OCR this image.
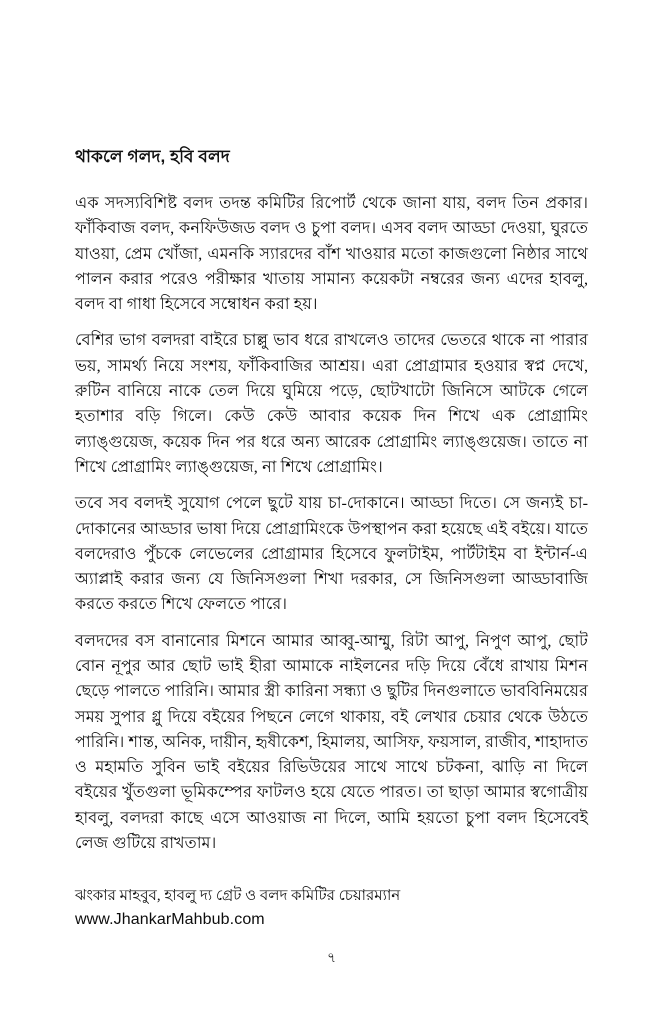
থাকলে গলদ, হবি বলদ

এক সদস্যবিশিষ্ট বলদ তদন্ত কমিটির রিপোর্ট থেকে জানা যায়, বলদ তিন প্রকার। ফাঁকিবাজ বলদ, কনফিউজড বলদ ও চুপা বলদ। এসব বলদ আড্ডা দেওয়া, ঘুরতে যাওয়া, প্রেম খোঁজা, এমনকি স্যারদের বাঁশ খাওয়ার মতো কাজগুলো নিষ্ঠার সাথে পালন করার পরেও পরীক্ষার খাতায় সামান্য কয়েকটা নম্বরের জন্য এদের হাবলু, বলদ বা গাধা হিসেবে সম্বোধন করা হয়।

বেশির ভাগ বলদরা বাইরে চাল্লু ভাব ধরে রাখলেও তাদের ভেতরে থাকে না পারার ভয়, সামর্থ্য নিয়ে সংশয়, ফাঁকিবাজির আশ্রয়। এরা প্রোগ্রামার হওয়ার স্বপ্ন দেখে, রুটিন বানিয়ে নাকে তেল দিয়ে ঘুমিয়ে পড়ে, ছোটখাটো জিনিসে আটকে গেলে হতাশার বড়ি গিলে। কেউ কেউ আবার কয়েক দিন শিখে এক প্রোগ্রামিং ল্যাঙ্গুয়েজ, কয়েক দিন পর ধরে অন্য আরেক প্রোগ্রামিং ল্যাঙ্গুয়েজ। তাতে না শিখে প্রোগ্রামিং ল্যাঙ্গুয়েজ, না শিখে প্রোগ্রামিং।

তবে সব বলদই সুযোগ পেলে ছুটে যায় চা-দোকানে। আড্ডা দিতে। সে জন্যই চা-দোকানের আড্ডার ভাষা দিয়ে প্রোগ্রামিংকে উপস্থাপন করা হয়েছে এই বইয়ে। যাতে বলদেরাও পুঁচকে লেভেলের প্রোগ্রামার হিসেবে ফুলটাইম, পার্টটাইম বা ইন্টার্ন-এ অ্যাপ্লাই করার জন্য যে জিনিসগুলা শিখা দরকার, সে জিনিসগুলা আড্ডাবাজি করতে করতে শিখে ফেলতে পারে।

বলদদের বস বানানোর মিশনে আমার আব্বু-আম্মু, রিটা আপু, নিপুণ আপু, ছোট বোন নূপুর আর ছোট ভাই হীরা আমাকে নাইলনের দড়ি দিয়ে বেঁধে রাখায় মিশন ছেড়ে পালতে পারিনি। আমার স্ত্রী কারিনা সন্ধ্যা ও ছুটির দিনগুলাতে ভাববিনিময়ের সময় সুপার গ্লু দিয়ে বইয়ের পিছনে লেগে থাকায়, বই লেখার চেয়ার থেকে উঠতে পারিনি। শান্ত, অনিক, দায়ীন, হৃষীকেশ, হিমালয়, আসিফ, ফয়সাল, রাজীব, শাহাদাত ও মহামতি সুবিন ভাই বইয়ের রিভিউয়ের সাথে সাথে চটকনা, ঝাড়ি না দিলে বইয়ের খুঁতগুলা ভূমিকম্পের ফাটলও হয়ে যেতে পারত। তা ছাড়া আমার স্বগোত্রীয় হাবলু, বলদরা কাছে এসে আওয়াজ না দিলে, আমি হয়তো চুপা বলদ হিসেবেই লেজ গুটিয়ে রাখতাম।

ঝংকার মাহবুব, হাবলু দ্য গ্রেট ও বলদ কমিটির চেয়ারম্যান

www.JhankarMahbub.com

৭
